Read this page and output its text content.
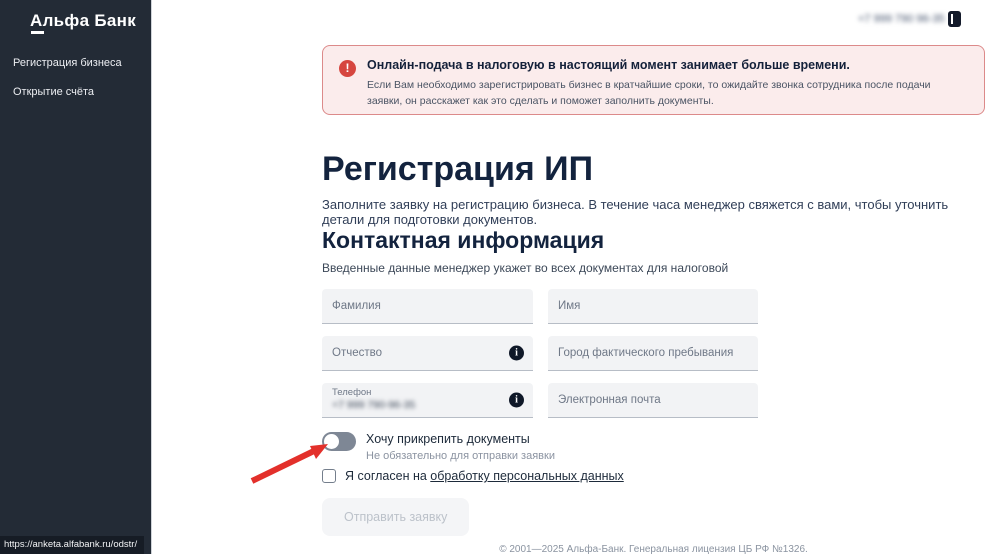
Альфа Банк
Регистрация бизнеса
Открытие счёта
https://anketa.alfabank.ru/odstr/
+7 999 790 96-35
!	Онлайн-подача в налоговую в настоящий момент занимает больше времени.
Если Вам необходимо зарегистрировать бизнес в кратчайшие сроки, то ожидайте звонка сотрудника после подачи заявки, он расскажет как это сделать и поможет заполнить документы.
Регистрация ИП
Заполните заявку на регистрацию бизнеса. В течение часа менеджер свяжется с вами, чтобы уточнить детали для подготовки документов.
Контактная информация
Введенные данные менеджер укажет во всех документах для налоговой
Фамилия	Имя
Отчество	i	Город фактического пребывания
Телефон
+7 999 790-96-35	i	Электронная почта
Хочу прикрепить документы
Не обязательно для отправки заявки
Я согласен на обработку персональных данных
Отправить заявку
© 2001—2025 Альфа-Банк. Генеральная лицензия ЦБ РФ №1326.
